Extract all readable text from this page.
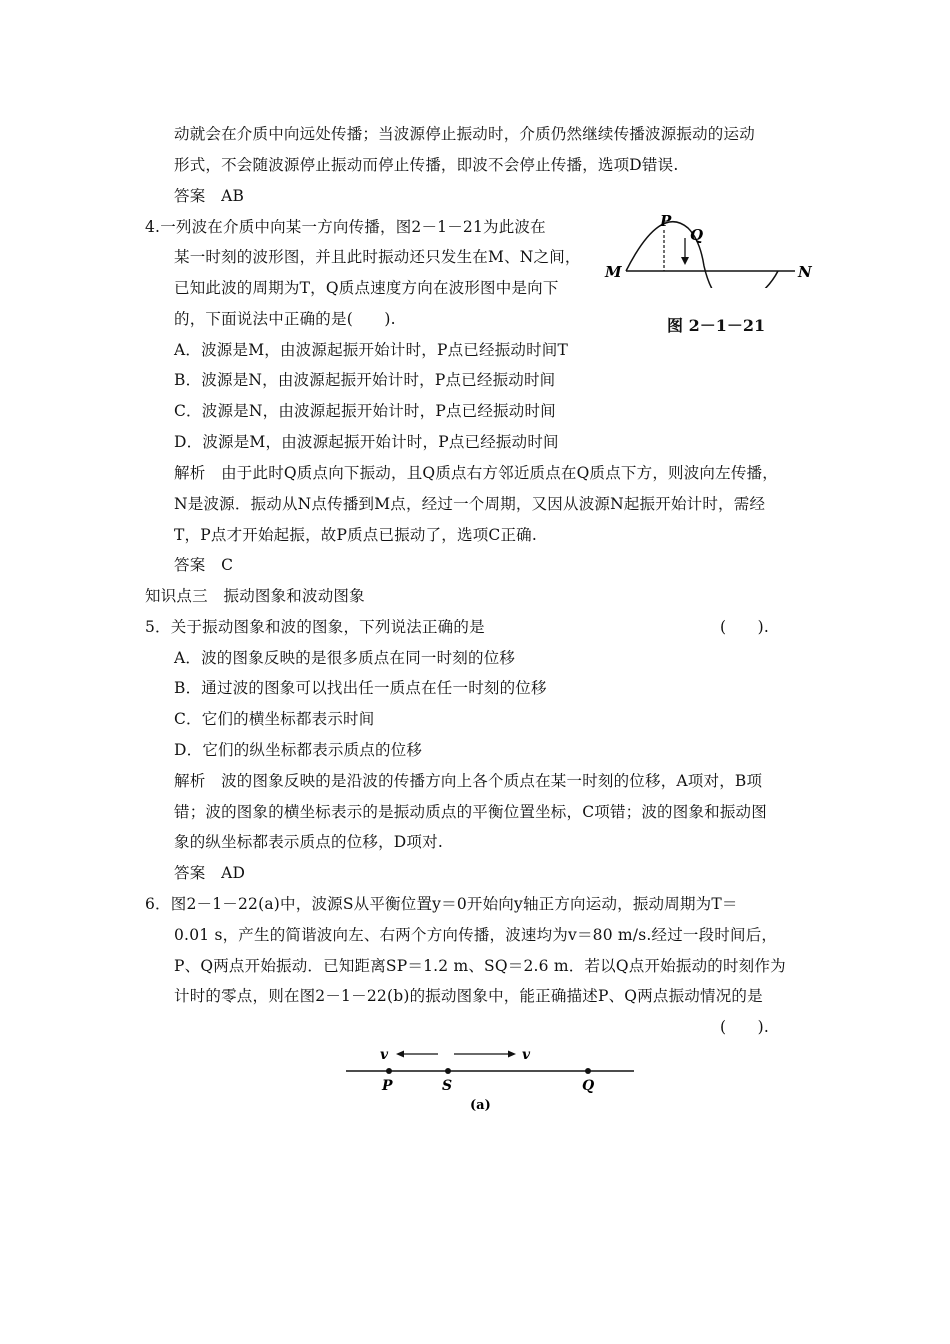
动就会在介质中向远处传播；当波源停止振动时，介质仍然继续传播波源振动的运动
形式，不会随波源停止振动而停止传播，即波不会停止传播，选项D错误.
答案　AB
4.一列波在介质中向某一方向传播，图2－1－21为此波在
某一时刻的波形图，并且此时振动还只发生在M、N之间，
已知此波的周期为T，Q质点速度方向在波形图中是向下
的，下面说法中正确的是(　　).
A．波源是M，由波源起振开始计时，P点已经振动时间T
B．波源是N，由波源起振开始计时，P点已经振动时间
C．波源是N，由波源起振开始计时，P点已经振动时间
D．波源是M，由波源起振开始计时，P点已经振动时间
解析　由于此时Q质点向下振动，且Q质点右方邻近质点在Q质点下方，则波向左传播，
N是波源．振动从N点传播到M点，经过一个周期，又因从波源N起振开始计时，需经
T，P点才开始起振，故P质点已振动了，选项C正确.
答案　C
知识点三　振动图象和波动图象
5．关于振动图象和波的图象，下列说法正确的是	(　　).
A．波的图象反映的是很多质点在同一时刻的位移
B．通过波的图象可以找出任一质点在任一时刻的位移
C．它们的横坐标都表示时间
D．它们的纵坐标都表示质点的位移
解析　波的图象反映的是沿波的传播方向上各个质点在某一时刻的位移，A项对，B项
错；波的图象的横坐标表示的是振动质点的平衡位置坐标，C项错；波的图象和振动图
象的纵坐标都表示质点的位移，D项对.
答案　AD
6．图2－1－22(a)中，波源S从平衡位置y＝0开始向y轴正方向运动，振动周期为T＝
0.01 s，产生的简谐波向左、右两个方向传播，波速均为v＝80 m/s.经过一段时间后，
P、Q两点开始振动．已知距离SP＝1.2 m、SQ＝2.6 m．若以Q点开始振动的时刻作为
计时的零点，则在图2－1－22(b)的振动图象中，能正确描述P、Q两点振动情况的是
(　　).
P
Q
M	N
图 2－1－21
v	v
P	S	Q
(a)
